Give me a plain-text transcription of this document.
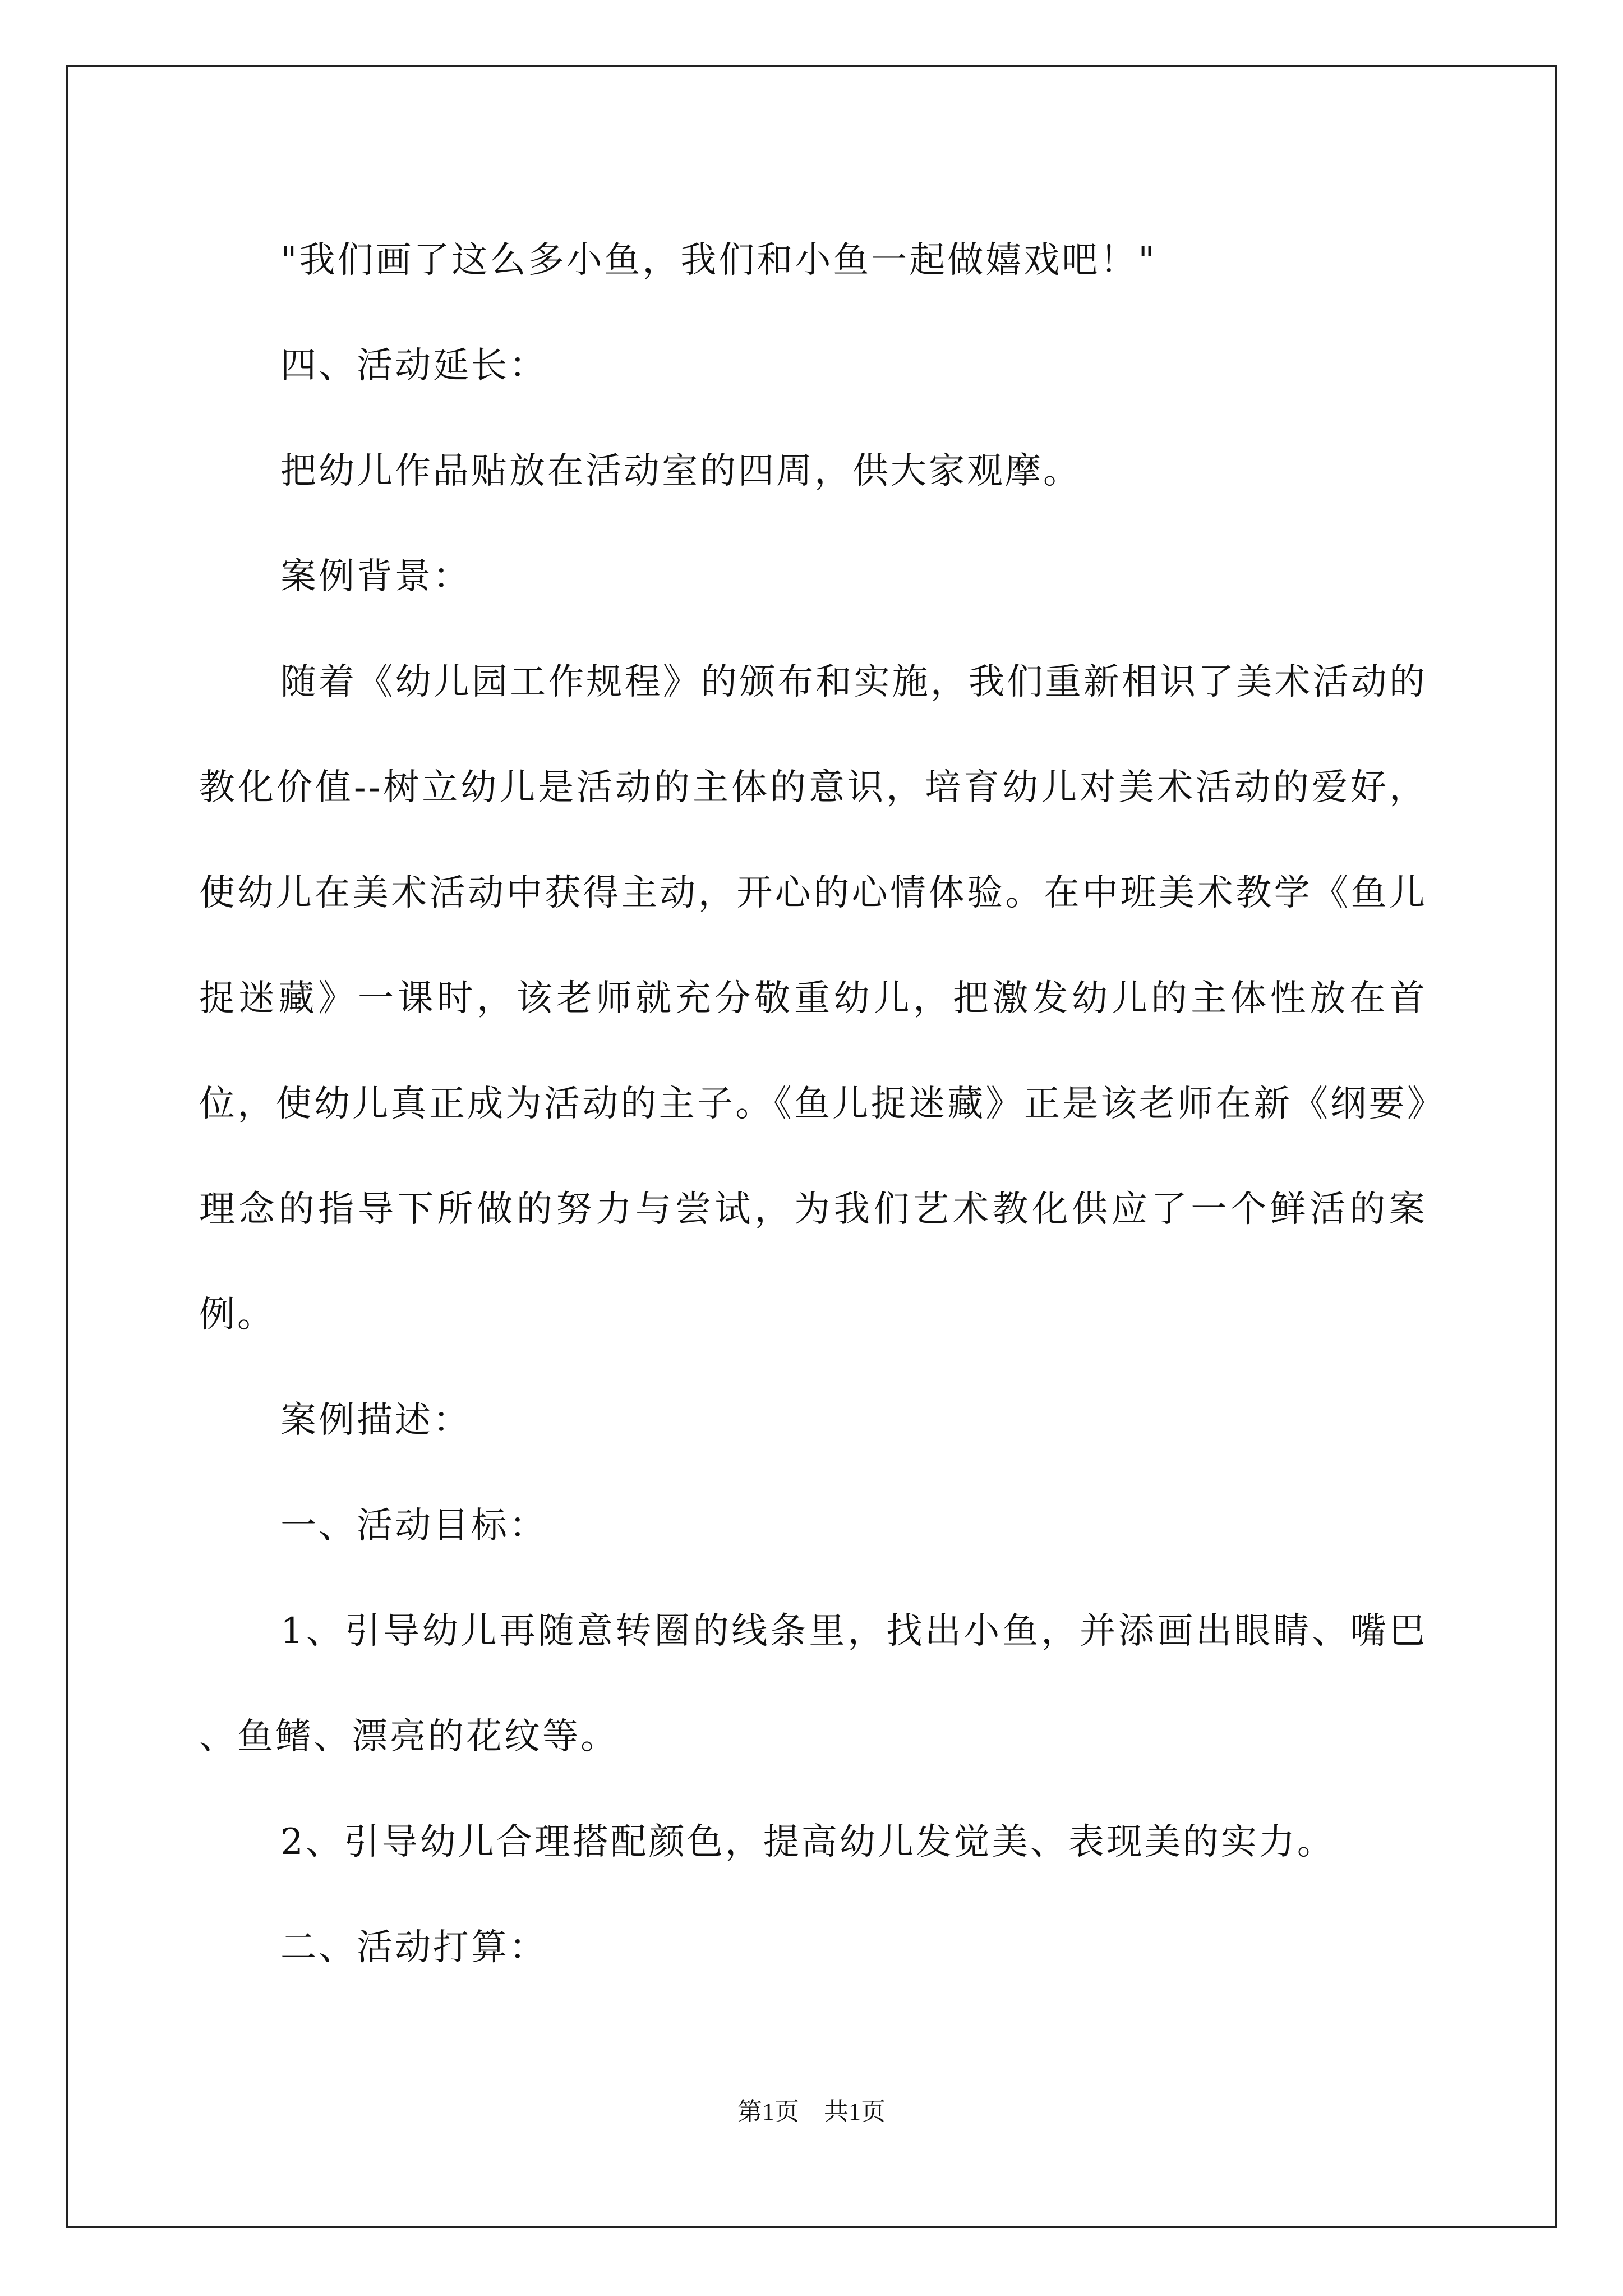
"我们画了这么多小鱼，我们和小鱼一起做嬉戏吧！"

四、活动延长：

把幼儿作品贴放在活动室的四周，供大家观摩。

案例背景：

随着《幼儿园工作规程》的颁布和实施，我们重新相识了美术活动的教化价值--树立幼儿是活动的主体的意识，培育幼儿对美术活动的爱好，使幼儿在美术活动中获得主动，开心的心情体验。在中班美术教学《鱼儿捉迷藏》一课时，该老师就充分敬重幼儿，把激发幼儿的主体性放在首位，使幼儿真正成为活动的主子。《鱼儿捉迷藏》正是该老师在新《纲要》理念的指导下所做的努力与尝试，为我们艺术教化供应了一个鲜活的案例。

案例描述：

一、活动目标：

1、引导幼儿再随意转圈的线条里，找出小鱼，并添画出眼睛、嘴巴 、鱼鳍、漂亮的花纹等。

2、引导幼儿合理搭配颜色，提高幼儿发觉美、表现美的实力。

二、活动打算：

第1页　共1页
